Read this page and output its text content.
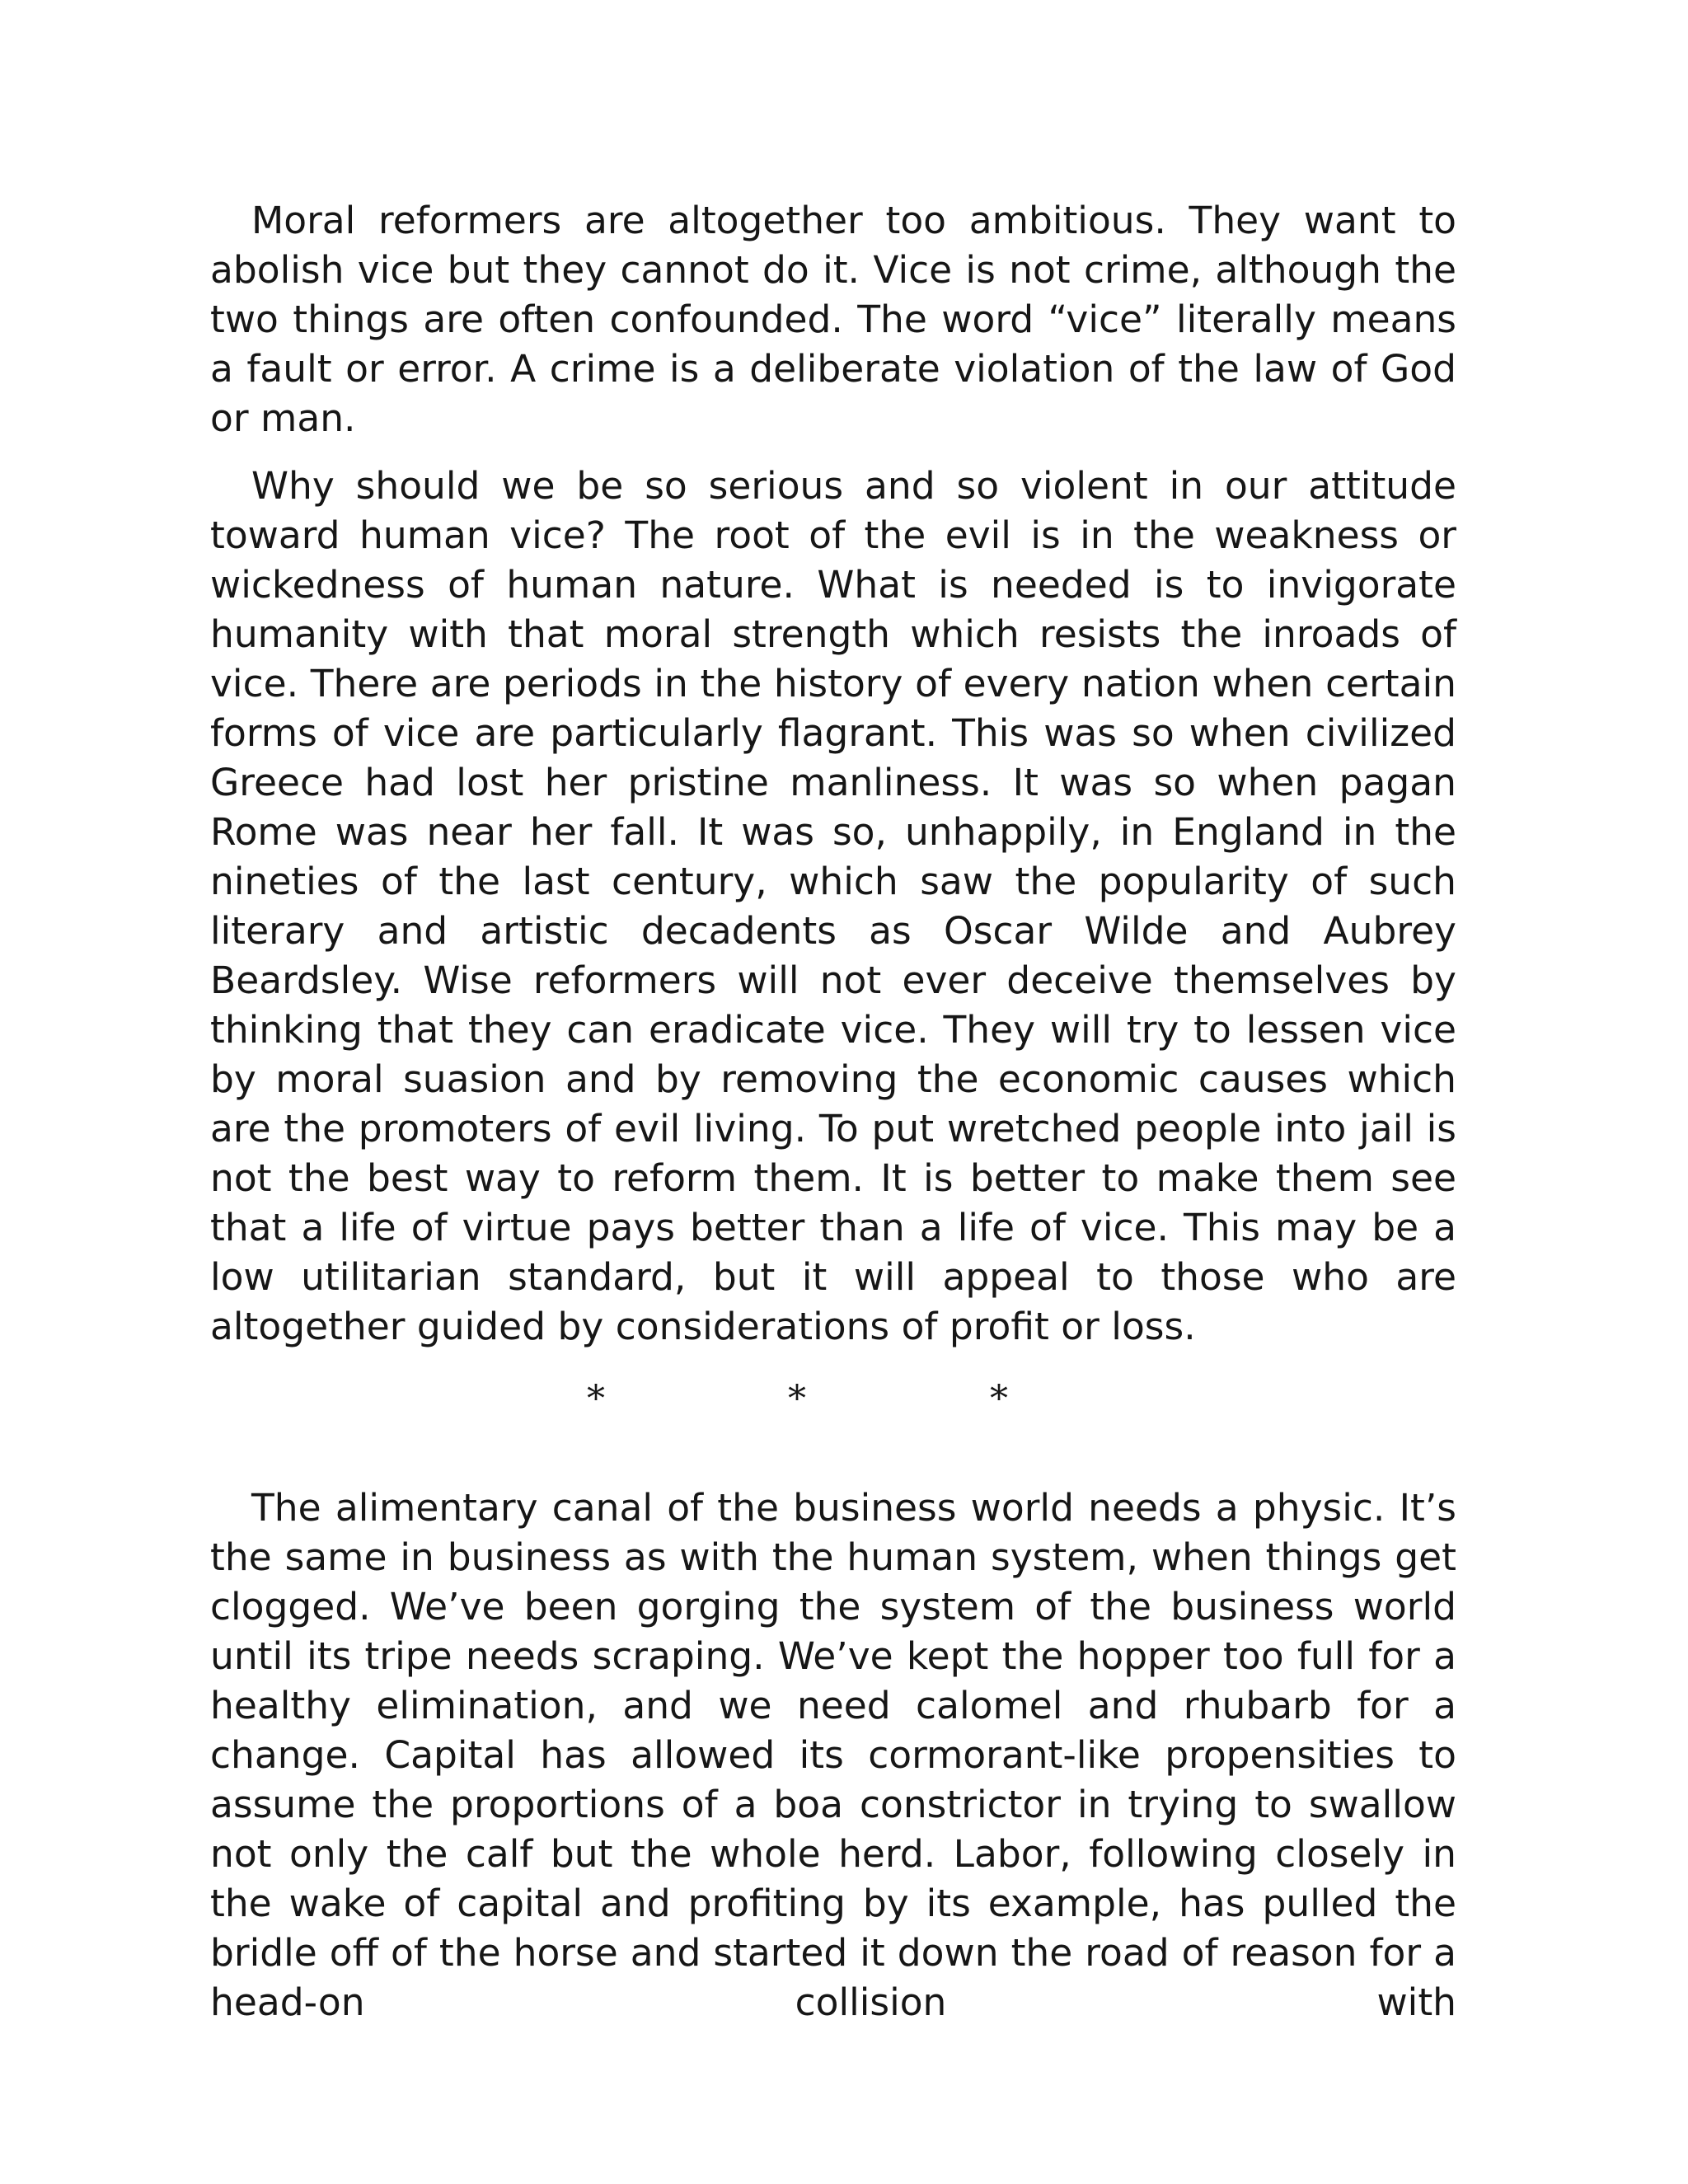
Moral reformers are altogether too ambitious. They want to abolish vice but they cannot do it. Vice is not crime, although the two things are often confounded. The word “vice” literally means a fault or error. A crime is a deliberate violation of the law of God or man.

Why should we be so serious and so violent in our attitude toward human vice? The root of the evil is in the weakness or wickedness of human nature. What is needed is to invigorate humanity with that moral strength which resists the inroads of vice. There are periods in the history of every nation when certain forms of vice are particularly flagrant. This was so when civilized Greece had lost her pristine manliness. It was so when pagan Rome was near her fall. It was so, unhappily, in England in the nineties of the last century, which saw the popularity of such literary and artistic decadents as Oscar Wilde and Aubrey Beardsley. Wise reformers will not ever deceive themselves by thinking that they can eradicate vice. They will try to lessen vice by moral suasion and by removing the economic causes which are the promoters of evil living. To put wretched people into jail is not the best way to reform them. It is better to make them see that a life of virtue pays better than a life of vice. This may be a low utilitarian standard, but it will appeal to those who are altogether guided by considerations of profit or loss.

*	*	*

The alimentary canal of the business world needs a physic. It’s the same in business as with the human system, when things get clogged. We’ve been gorging the system of the business world until its tripe needs scraping. We’ve kept the hopper too full for a healthy elimination, and we need calomel and rhubarb for a change. Capital has allowed its cormorant-like propensities to assume the proportions of a boa constrictor in trying to swallow not only the calf but the whole herd. Labor, following closely in the wake of capital and profiting by its example, has pulled the bridle off of the horse and started it down the road of reason for a head-on collision with
